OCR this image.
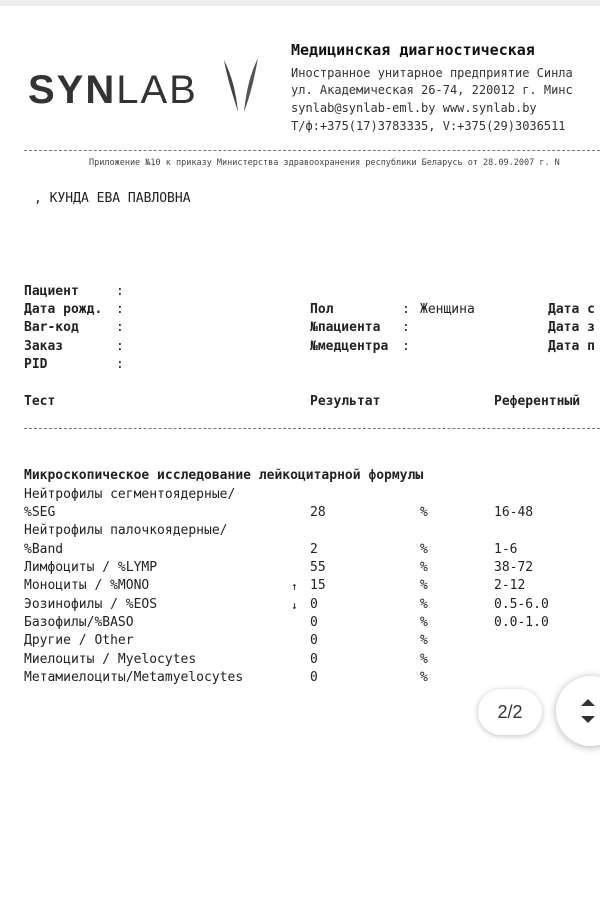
SYNLAB
Медицинская диагностическая
Иностранное унитарное предприятие Синла
ул. Академическая 26-74, 220012 г. Минс
synlab@synlab-eml.by www.synlab.by
Т/ф:+375(17)3783335, V:+375(29)3036511
Приложение №10 к приказу Министерства здравоохранения республики Беларусь от 28.09.2007 г. N
, КУНДА ЕВА ПАВЛОВНА
Пациент	:
Дата рожд. :	Пол	: Женщина	Дата с
Bar-код	:	№пациента :	Дата з
Заказ	:	№медцентра :	Дата п
PID	:
Тест	Результат	Референтный
Микроскопическое исследование лейкоцитарной формулы
Нейтрофилы сегментоядерные/
%SEG	28	%	16-48
Нейтрофилы палочкоядерные/
%Band	2	%	1-6
Лимфоциты / %LYMP	55	%	38-72
Моноциты / %MONO	↑ 15	%	2-12
Эозинофилы / %EOS	↓ 0	%	0.5-6.0
Базофилы/%BASO	0	%	0.0-1.0
Другие / Other	0	%
Миелоциты / Myelocytes	0	%
Метамиелоциты/Metamyelocytes	0	%
2/2
